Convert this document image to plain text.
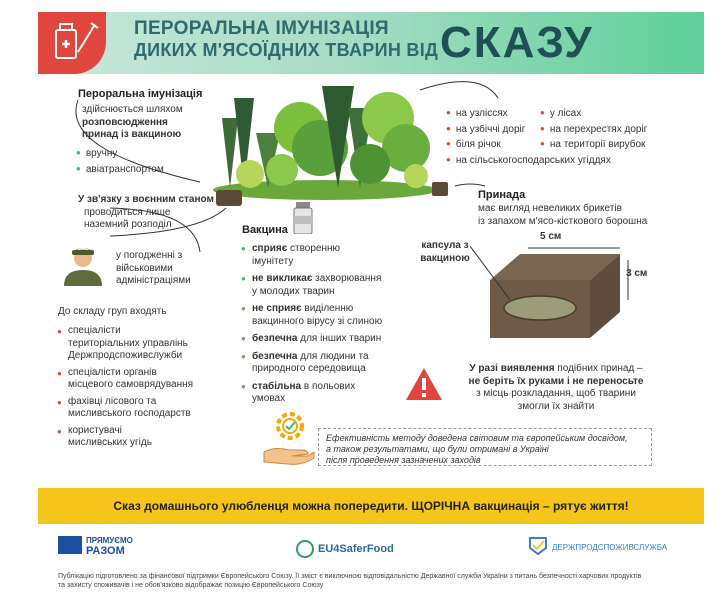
ПЕРОРАЛЬНА ІМУНІЗАЦІЯ
ДИКИХ М'ЯСОЇДНИХ ТВАРИН ВІД СКАЗУ
Пероральна імунізація
здійснюється шляхом
розповсюдження
принад із вакциною
● вручну
● авіатранспортом
У зв'язку з воєнним станом
проводиться лише
наземний розподіл
у погодженні з
військовими
адміністраціями
До складу груп входять
● спеціалісти
територіальних управлінь
Держпродспоживслужби
● спеціалісти органів
місцевого самоврядування
● фахівці лісового та
мисливського господарств
● користувачі
мисливських угідь
● на узліссях
● на узбіччі доріг
● біля річок
● на сільськогосподарських угіддях
● у лісах
● на перехрестях доріг
● на території вирубок
Принада
має вигляд невеликих брикетів
із запахом м'ясо-кісткового борошна
капсула з
вакциною
5 см
3 см
Вакцина
● сприяє створенню
імунітету
● не викликає захворювання
у молодих тварин
● не сприяє виділенню
вакцинного вірусу зі слиною
● безпечна для інших тварин
● безпечна для людини та
природного середовища
● стабільна в польових
умовах
У разі виявлення подібних принад –
не беріть їх руками і не переносьте
з місць розкладання, щоб тварини
змогли їх знайти
Ефективність методу доведена світовим та європейським досвідом,
а також результатами, що були отримані в Україні
після проведення зазначених заходів
Сказ домашнього улюбленця можна попередити. ЩОРІЧНА вакцинація – рятує життя!
ПРЯМУЄМО
РАЗОМ	EU4SaferFood	ДЕРЖПРОДСПОЖИВСЛУЖБА
Публікацію підготовлено за фінансової підтримки Європейського Союзу. Її зміст є виключною відповідальністю Державної служби України з питань безпечності харчових продуктів
та захисту споживачів і не обов'язково відображає позицію Європейського Союзу
